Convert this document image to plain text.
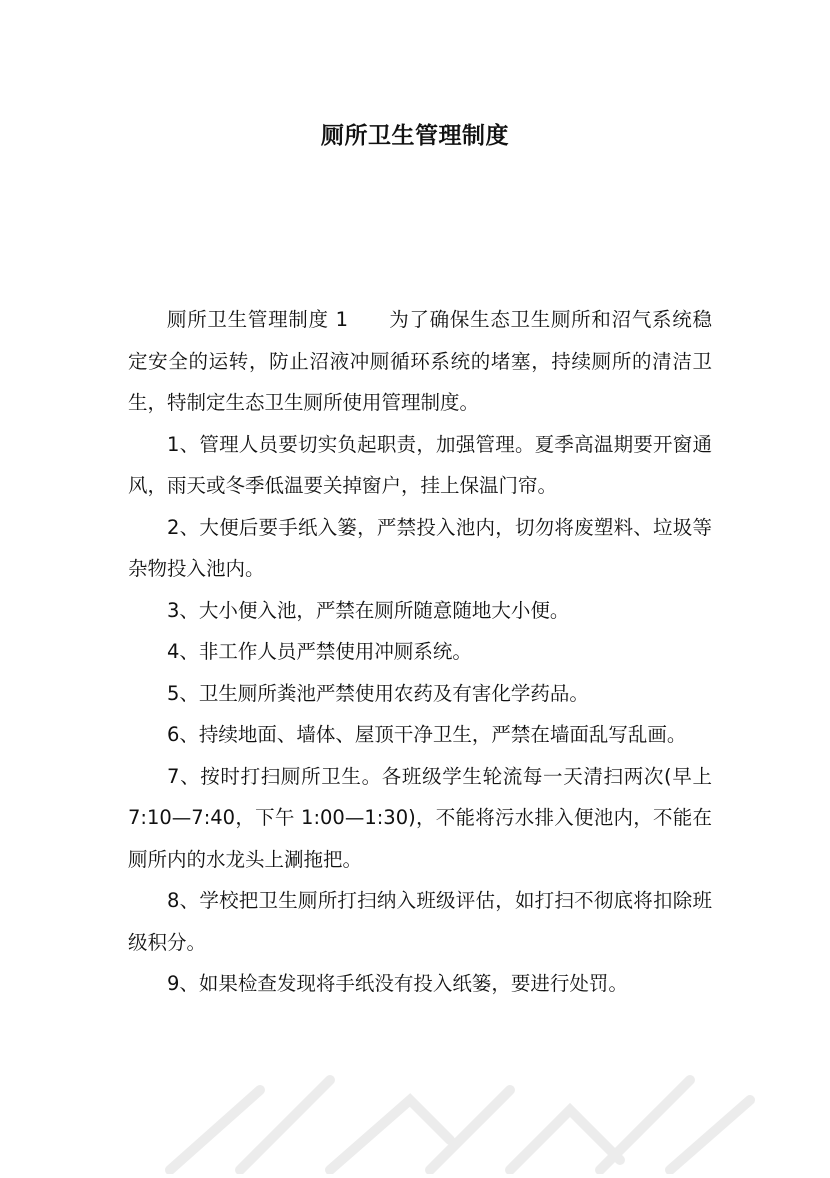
厕所卫生管理制度

厕所卫生管理制度 1　　为了确保生态卫生厕所和沼气系统稳定安全的运转，防止沼液冲厕循环系统的堵塞，持续厕所的清洁卫生，特制定生态卫生厕所使用管理制度。

1、管理人员要切实负起职责，加强管理。夏季高温期要开窗通风，雨天或冬季低温要关掉窗户，挂上保温门帘。

2、大便后要手纸入篓，严禁投入池内，切勿将废塑料、垃圾等杂物投入池内。

3、大小便入池，严禁在厕所随意随地大小便。

4、非工作人员严禁使用冲厕系统。

5、卫生厕所粪池严禁使用农药及有害化学药品。

6、持续地面、墙体、屋顶干净卫生，严禁在墙面乱写乱画。

7、按时打扫厕所卫生。各班级学生轮流每一天清扫两次(早上 7:10—7:40，下午 1:00—1:30)，不能将污水排入便池内，不能在厕所内的水龙头上涮拖把。

8、学校把卫生厕所打扫纳入班级评估，如打扫不彻底将扣除班级积分。

9、如果检查发现将手纸没有投入纸篓，要进行处罚。
